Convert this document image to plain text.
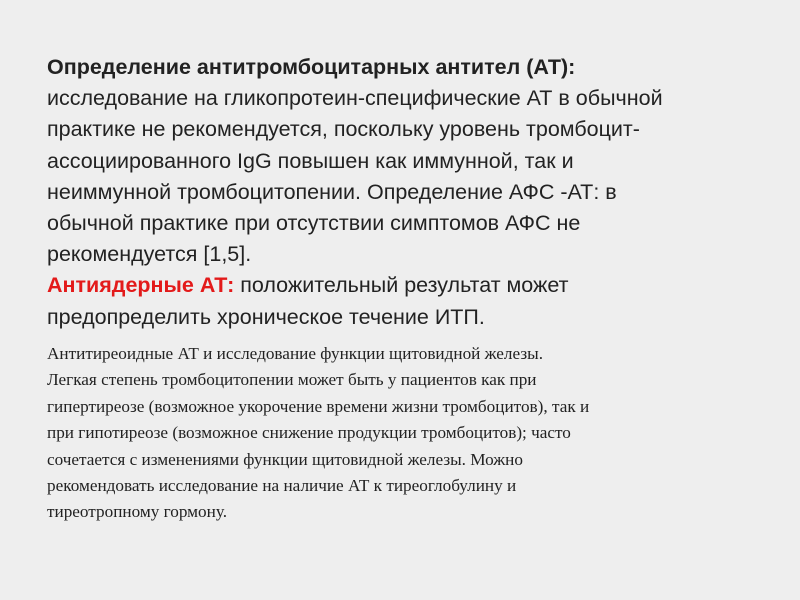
Определение антитромбоцитарных антител (АТ):
исследование на гликопротеин-специфические АТ в обычной
практике не рекомендуется, поскольку уровень тромбоцит-
ассоциированного IgG повышен как иммунной, так и
неиммунной тромбоцитопении. Определение АФС -АТ: в
обычной практике при отсутствии симптомов АФС не
рекомендуется [1,5].
Антиядерные АТ: положительный результат может
предопределить хроническое течение ИТП.
Антитиреоидные АТ и исследование функции щитовидной железы.
Легкая степень тромбоцитопении может быть у пациентов как при
гипертиреозе (возможное укорочение времени жизни тромбоцитов), так и
при гипотиреозе (возможное снижение продукции тромбоцитов); часто
сочетается с изменениями функции щитовидной железы. Можно
рекомендовать исследование на наличие АТ к тиреоглобулину и
тиреотропному гормону.
